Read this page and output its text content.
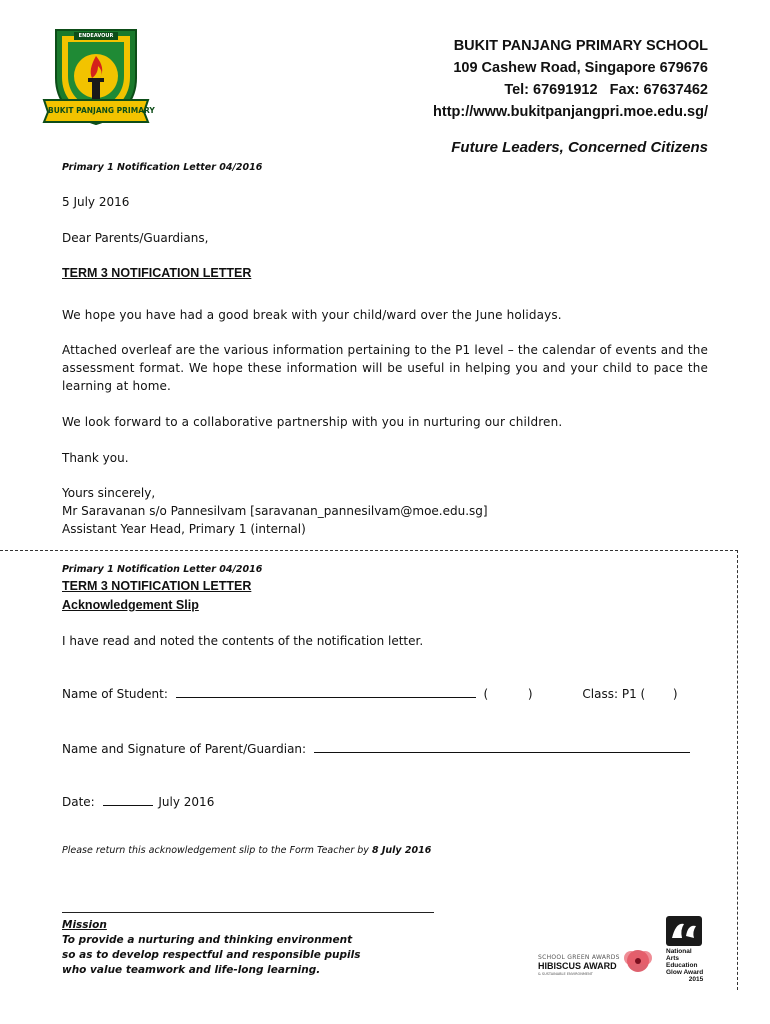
ENDEAVOUR
BUKIT PANJANG PRIMARY
BUKIT PANJANG PRIMARY SCHOOL
109 Cashew Road, Singapore 679676
Tel: 67691912   Fax: 67637462
http://www.bukitpanjangpri.moe.edu.sg/
Future Leaders, Concerned Citizens
Primary 1 Notification Letter 04/2016
5 July 2016
Dear Parents/Guardians,
TERM 3 NOTIFICATION LETTER
We hope you have had a good break with your child/ward over the June holidays.
Attached overleaf are the various information pertaining to the P1 level – the calendar of events and the assessment format. We hope these information will be useful in helping you and your child to pace the learning at home.
We look forward to a collaborative partnership with you in nurturing our children.
Thank you.
Yours sincerely,
Mr Saravanan s/o Pannesilvam [saravanan_pannesilvam@moe.edu.sg]
Assistant Year Head, Primary 1 (internal)
Primary 1 Notification Letter 04/2016
TERM 3 NOTIFICATION LETTER
Acknowledgement Slip
I have read and noted the contents of the notification letter.
Name of Student:	(	)	Class: P1 ( )
Name and Signature of Parent/Guardian:
Date:	July 2016
Please return this acknowledgement slip to the Form Teacher by 8 July 2016
Mission
To provide a nurturing and thinking environment
so as to develop respectful and responsible pupils
who value teamwork and life-long learning.
SCHOOL GREEN AWARDS
HIBISCUS AWARD
& SUSTAINABLE ENVIRONMENT
National
Arts
Education
Glow Award
2015
